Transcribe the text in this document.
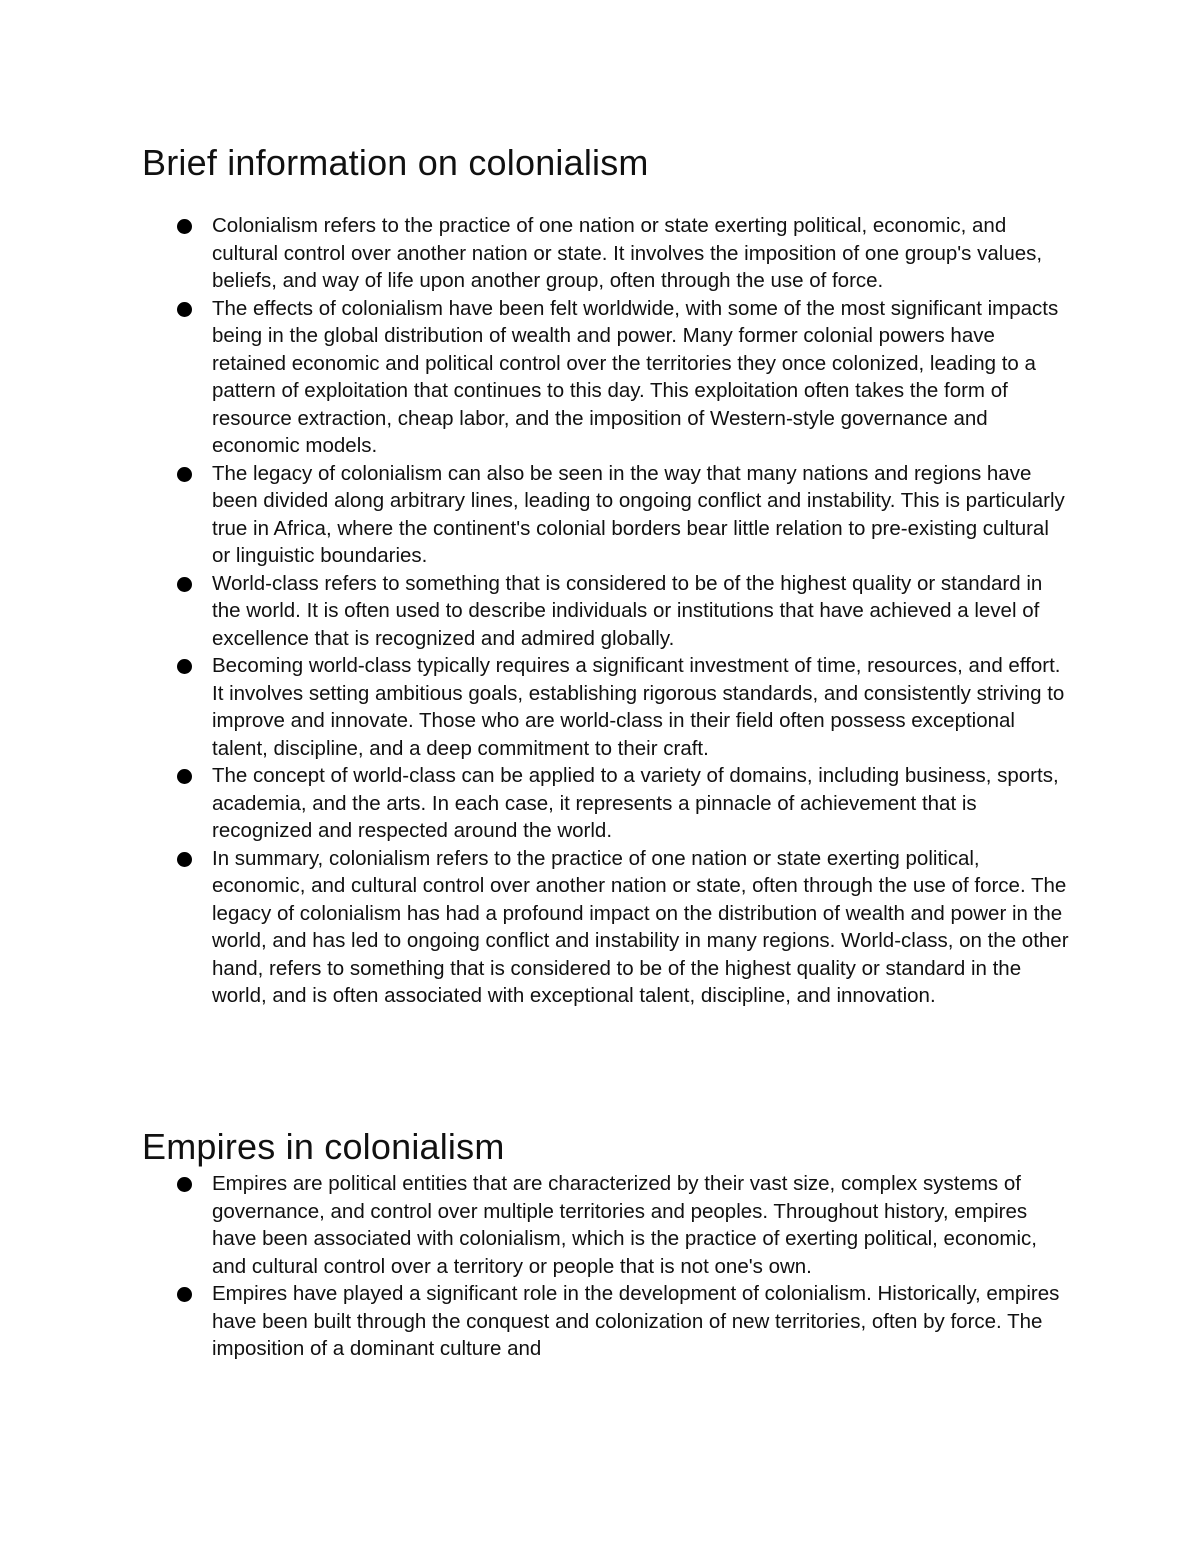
Brief information on colonialism
Colonialism refers to the practice of one nation or state exerting political, economic, and cultural control over another nation or state. It involves the imposition of one group's values, beliefs, and way of life upon another group, often through the use of force.
The effects of colonialism have been felt worldwide, with some of the most significant impacts being in the global distribution of wealth and power. Many former colonial powers have retained economic and political control over the territories they once colonized, leading to a pattern of exploitation that continues to this day. This exploitation often takes the form of resource extraction, cheap labor, and the imposition of Western-style governance and economic models.
The legacy of colonialism can also be seen in the way that many nations and regions have been divided along arbitrary lines, leading to ongoing conflict and instability. This is particularly true in Africa, where the continent's colonial borders bear little relation to pre-existing cultural or linguistic boundaries.
World-class refers to something that is considered to be of the highest quality or standard in the world. It is often used to describe individuals or institutions that have achieved a level of excellence that is recognized and admired globally.
Becoming world-class typically requires a significant investment of time, resources, and effort. It involves setting ambitious goals, establishing rigorous standards, and consistently striving to improve and innovate. Those who are world-class in their field often possess exceptional talent, discipline, and a deep commitment to their craft.
The concept of world-class can be applied to a variety of domains, including business, sports, academia, and the arts. In each case, it represents a pinnacle of achievement that is recognized and respected around the world.
In summary, colonialism refers to the practice of one nation or state exerting political, economic, and cultural control over another nation or state, often through the use of force. The legacy of colonialism has had a profound impact on the distribution of wealth and power in the world, and has led to ongoing conflict and instability in many regions. World-class, on the other hand, refers to something that is considered to be of the highest quality or standard in the world, and is often associated with exceptional talent, discipline, and innovation.
Empires in colonialism
Empires are political entities that are characterized by their vast size, complex systems of governance, and control over multiple territories and peoples. Throughout history, empires have been associated with colonialism, which is the practice of exerting political, economic, and cultural control over a territory or people that is not one's own.
Empires have played a significant role in the development of colonialism. Historically, empires have been built through the conquest and colonization of new territories, often by force. The imposition of a dominant culture and
